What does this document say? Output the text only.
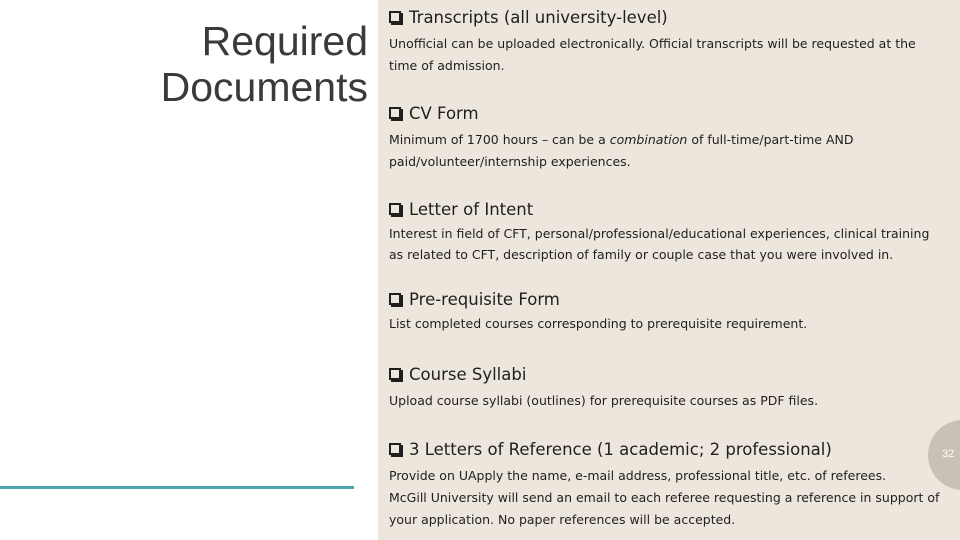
Required
Documents
Transcripts (all university-level)
Unofficial can be uploaded electronically. Official transcripts will be requested at the
time of admission.
CV Form
Minimum of 1700 hours – can be a combination of full-time/part-time AND
paid/volunteer/internship experiences.
Letter of Intent
Interest in field of CFT, personal/professional/educational experiences, clinical training
as related to CFT, description of family or couple case that you were involved in.
Pre-requisite Form
List completed courses corresponding to prerequisite requirement.
Course Syllabi
Upload course syllabi (outlines) for prerequisite courses as PDF files.
3 Letters of Reference (1 academic; 2 professional)
Provide on UApply the name, e-mail address, professional title, etc. of referees.
McGill University will send an email to each referee requesting a reference in support of
your application. No paper references will be accepted.
32
